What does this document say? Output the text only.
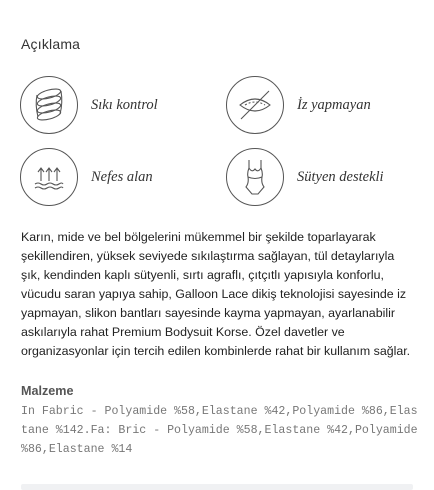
Açıklama
Sıkı kontrol	İz yapmayan
Nefes alan	Sütyen destekli
Karın, mide ve bel bölgelerini mükemmel bir şekilde toparlayarak şekillendiren, yüksek seviyede sıkılaştırma sağlayan, tül detaylarıyla şık, kendinden kaplı sütyenli, sırtı agraflı, çıtçıtlı yapısıyla konforlu, vücudu saran yapıya sahip, Galloon Lace dikiş teknolojisi sayesinde iz yapmayan, slikon bantları sayesinde kayma yapmayan, ayarlanabilir askılarıyla rahat Premium Bodysuit Korse. Özel davetler ve organizasyonlar için tercih edilen kombinlerde rahat bir kullanım sağlar.
Malzeme
In Fabric - Polyamide %58,Elastane %42,Polyamide %86,Elastane %142.Fa: Bric - Polyamide %58,Elastane %42,Polyamide %86,Elastane %14
